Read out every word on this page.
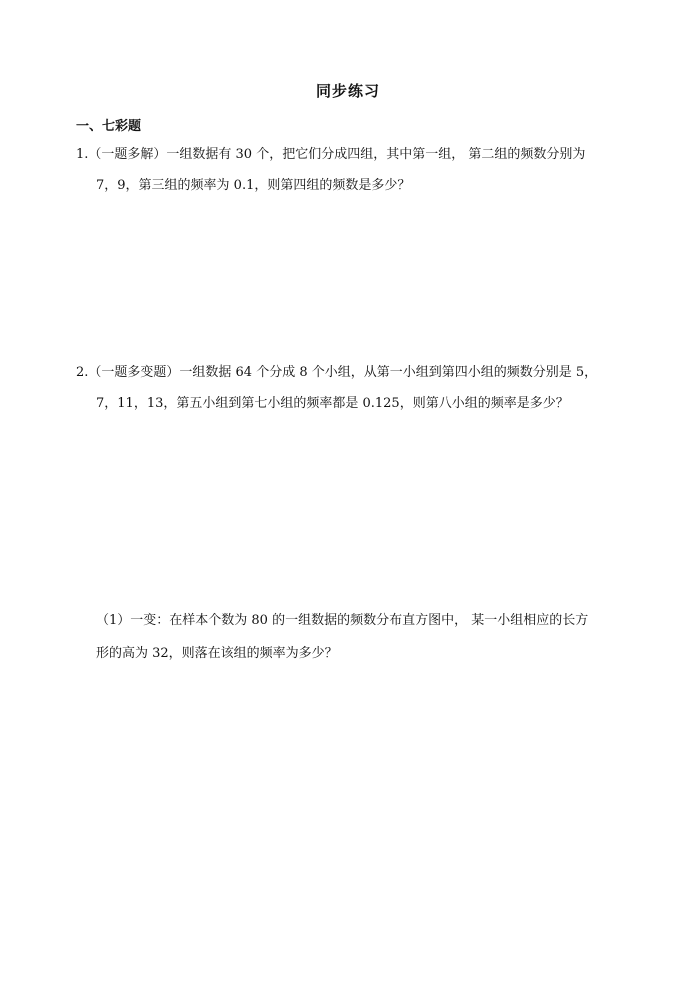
同步练习
一、七彩题
1.（一题多解）一组数据有 30 个，把它们分成四组，其中第一组， 第二组的频数分别为
7，9，第三组的频率为 0.1，则第四组的频数是多少？
2.（一题多变题）一组数据 64 个分成 8 个小组，从第一小组到第四小组的频数分别是 5，
7，11，13，第五小组到第七小组的频率都是 0.125，则第八小组的频率是多少？
（1）一变：在样本个数为 80 的一组数据的频数分布直方图中， 某一小组相应的长方
形的高为 32，则落在该组的频率为多少？
